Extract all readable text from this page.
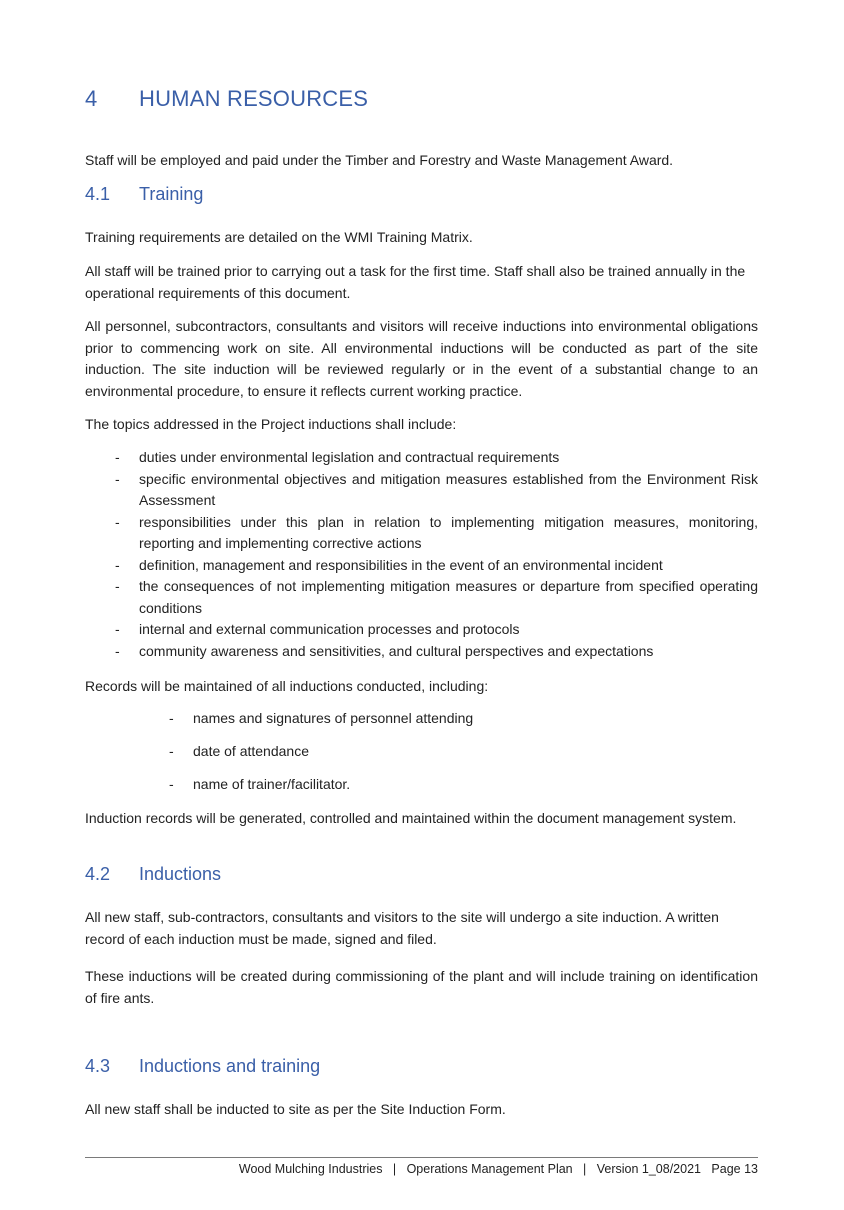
4 HUMAN RESOURCES

Staff will be employed and paid under the Timber and Forestry and Waste Management Award.

4.1 Training

Training requirements are detailed on the WMI Training Matrix.

All staff will be trained prior to carrying out a task for the first time. Staff shall also be trained annually in the operational requirements of this document.

All personnel, subcontractors, consultants and visitors will receive inductions into environmental obligations prior to commencing work on site. All environmental inductions will be conducted as part of the site induction. The site induction will be reviewed regularly or in the event of a substantial change to an environmental procedure, to ensure it reflects current working practice.

The topics addressed in the Project inductions shall include:

- duties under environmental legislation and contractual requirements
- specific environmental objectives and mitigation measures established from the Environment Risk Assessment
- responsibilities under this plan in relation to implementing mitigation measures, monitoring, reporting and implementing corrective actions
- definition, management and responsibilities in the event of an environmental incident
- the consequences of not implementing mitigation measures or departure from specified operating conditions
- internal and external communication processes and protocols
- community awareness and sensitivities, and cultural perspectives and expectations

Records will be maintained of all inductions conducted, including:

- names and signatures of personnel attending
- date of attendance
- name of trainer/facilitator.

Induction records will be generated, controlled and maintained within the document management system.

4.2 Inductions

All new staff, sub-contractors, consultants and visitors to the site will undergo a site induction. A written record of each induction must be made, signed and filed.

These inductions will be created during commissioning of the plant and will include training on identification of fire ants.

4.3 Inductions and training

All new staff shall be inducted to site as per the Site Induction Form.

Wood Mulching Industries   |   Operations Management Plan   |   Version 1_08/2021 Page 13
